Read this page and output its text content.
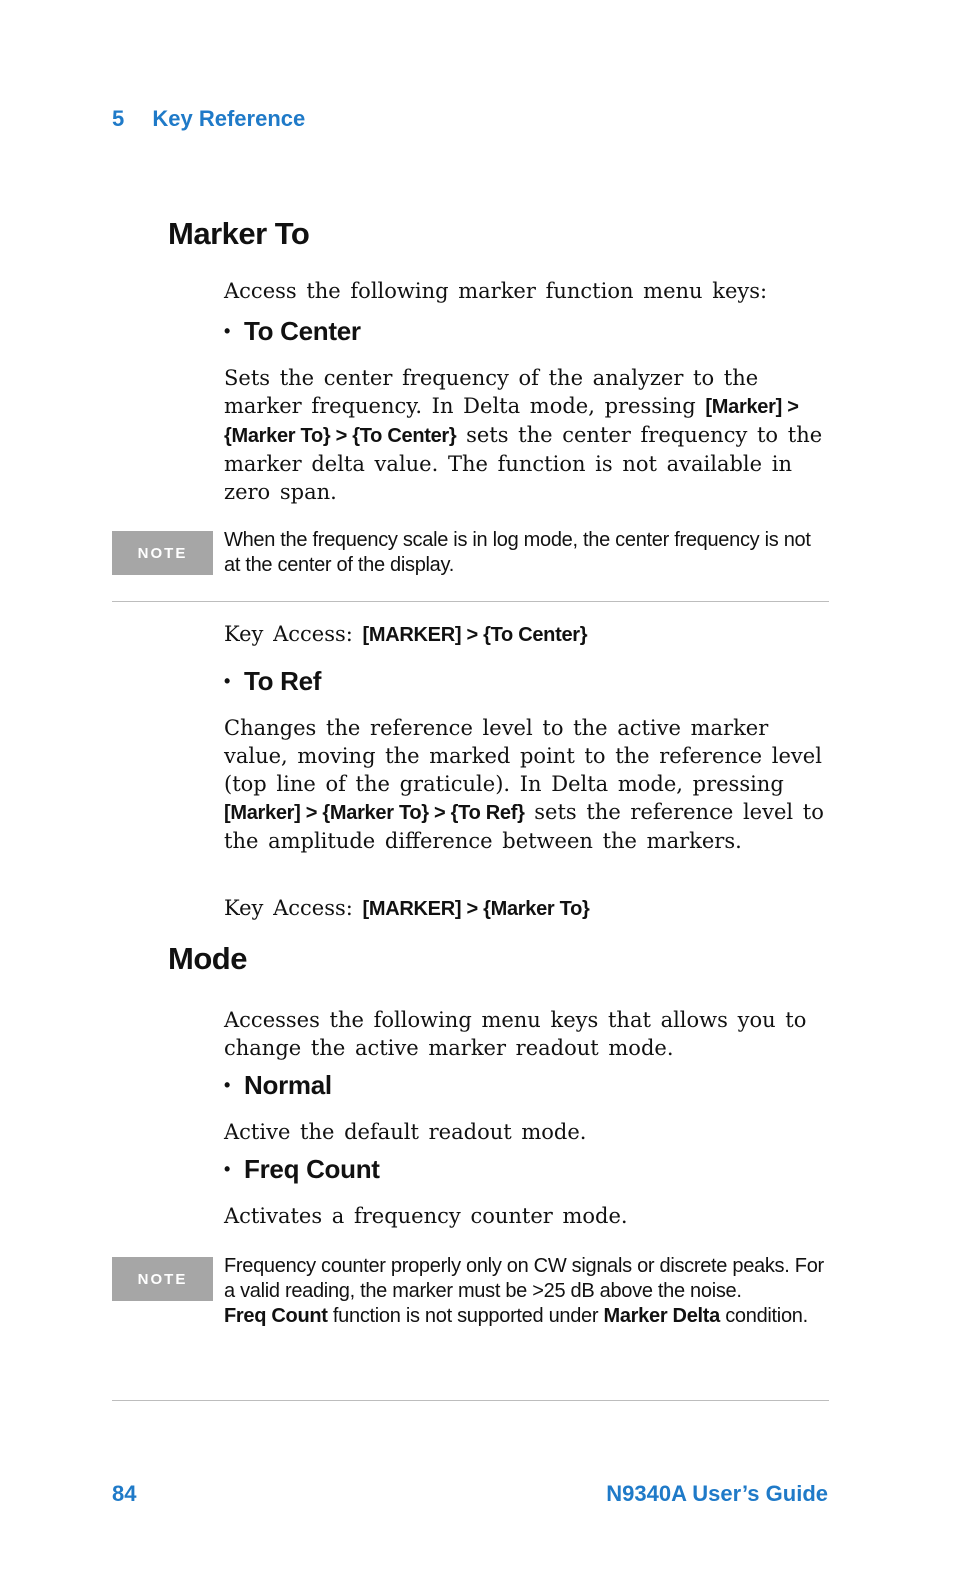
5 Key Reference
Marker To

Access the following marker function menu keys:

• To Center

Sets the center frequency of the analyzer to the marker frequency. In Delta mode, pressing [Marker] > {Marker To} > {To Center} sets the center frequency to the marker delta value. The function is not available in zero span.

NOTE

When the frequency scale is in log mode, the center frequency is not at the center of the display.

Key Access: [MARKER] > {To Center}

• To Ref

Changes the reference level to the active marker value, moving the marked point to the reference level (top line of the graticule). In Delta mode, pressing [Marker] > {Marker To} > {To Ref} sets the reference level to the amplitude difference between the markers.

Key Access: [MARKER] > {Marker To}

Mode

Accesses the following menu keys that allows you to change the active marker readout mode.

• Normal

Active the default readout mode.

• Freq Count

Activates a frequency counter mode.

NOTE

Frequency counter properly only on CW signals or discrete peaks. For a valid reading, the marker must be >25 dB above the noise.
Freq Count function is not supported under Marker Delta condition.

84	N9340A User’s Guide
